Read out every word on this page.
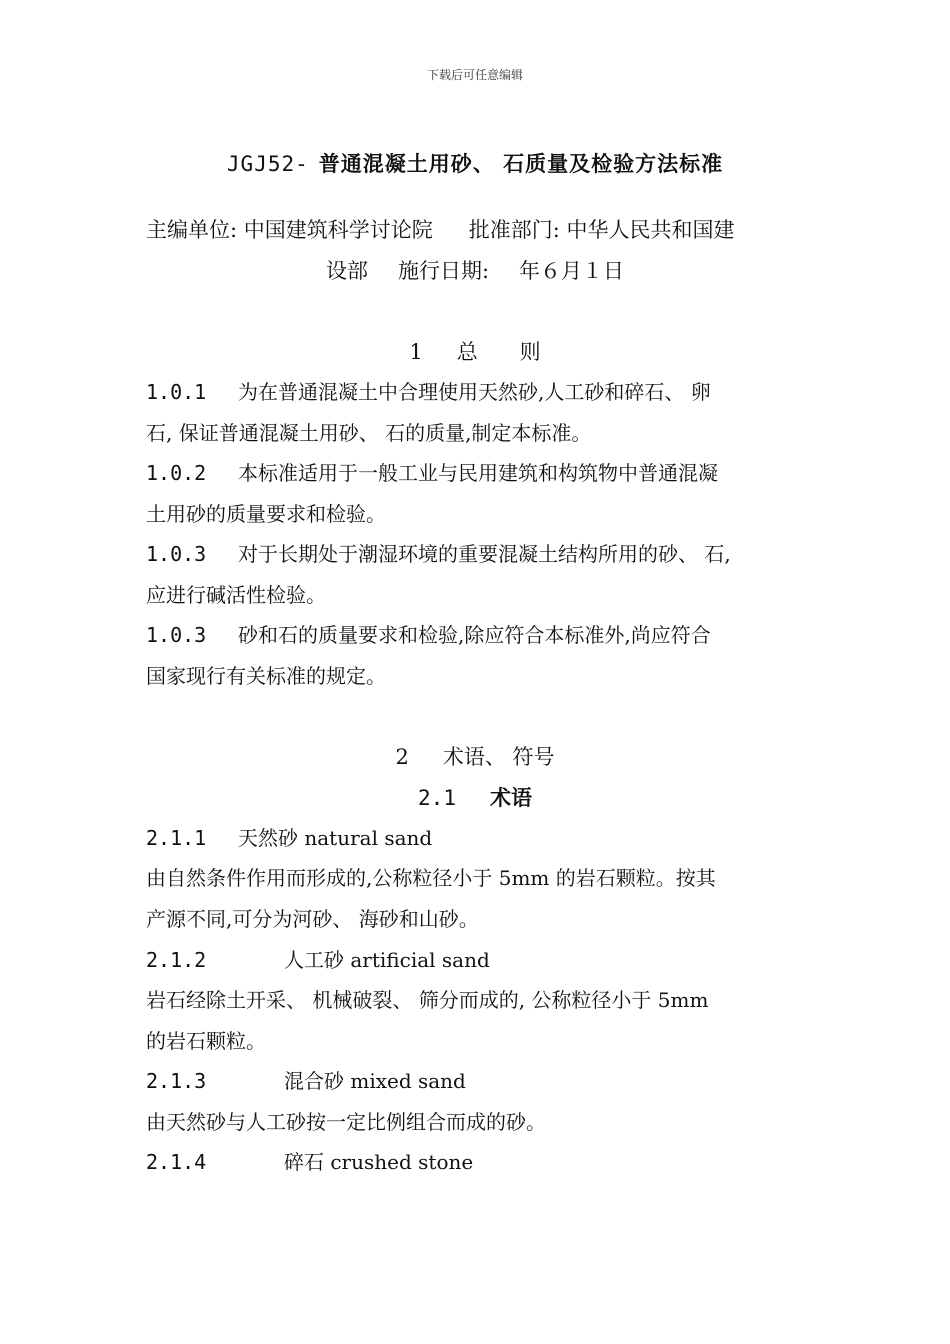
下载后可任意编辑
JGJ52- 普通混凝土用砂、 石质量及检验方法标准
主编单位: 中国建筑科学讨论院 批准部门: 中华人民共和国建
设部 施行日期: 年６月１日
1 总　　则
1.0.1 为在普通混凝土中合理使用天然砂,人工砂和碎石、 卵
石, 保证普通混凝土用砂、 石的质量,制定本标准。
1.0.2 本标准适用于一般工业与民用建筑和构筑物中普通混凝
土用砂的质量要求和检验。
1.0.3 对于长期处于潮湿环境的重要混凝土结构所用的砂、 石,
应进行碱活性检验。
1.0.3 砂和石的质量要求和检验,除应符合本标准外,尚应符合
国家现行有关标准的规定。
2 术语、 符号
2.1 术语
2.1.1 天然砂 natural sand
由自然条件作用而形成的,公称粒径小于 5mm 的岩石颗粒。按其
产源不同,可分为河砂、 海砂和山砂。
2.1.2	人工砂 artificial sand
岩石经除土开采、 机械破裂、 筛分而成的, 公称粒径小于 5mm
的岩石颗粒。
2.1.3	混合砂 mixed sand
由天然砂与人工砂按一定比例组合而成的砂。
2.1.4	碎石 crushed stone
